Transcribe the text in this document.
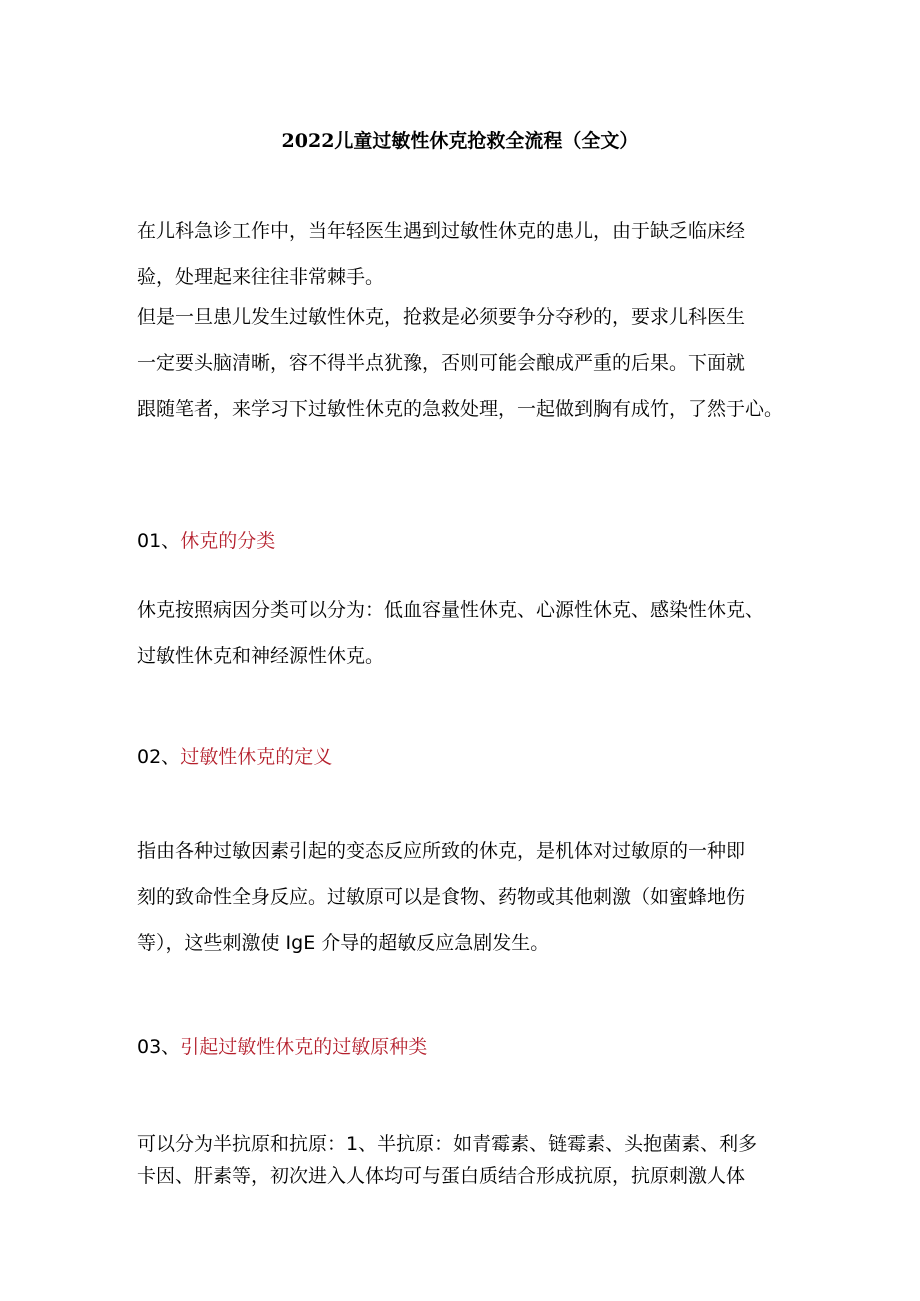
2022儿童过敏性休克抢救全流程（全文）
在儿科急诊工作中，当年轻医生遇到过敏性休克的患儿，由于缺乏临床经
验，处理起来往往非常棘手。
但是一旦患儿发生过敏性休克，抢救是必须要争分夺秒的，要求儿科医生
一定要头脑清晰，容不得半点犹豫，否则可能会酿成严重的后果。下面就
跟随笔者，来学习下过敏性休克的急救处理，一起做到胸有成竹，了然于心。
01、休克的分类
休克按照病因分类可以分为：低血容量性休克、心源性休克、感染性休克、
过敏性休克和神经源性休克。
02、过敏性休克的定义
指由各种过敏因素引起的变态反应所致的休克，是机体对过敏原的一种即
刻的致命性全身反应。过敏原可以是食物、药物或其他刺激（如蜜蜂地伤
等），这些刺激使 IgE 介导的超敏反应急剧发生。
03、引起过敏性休克的过敏原种类
可以分为半抗原和抗原：1、半抗原：如青霉素、链霉素、头抱菌素、利多
卡因、肝素等，初次进入人体均可与蛋白质结合形成抗原，抗原刺激人体
